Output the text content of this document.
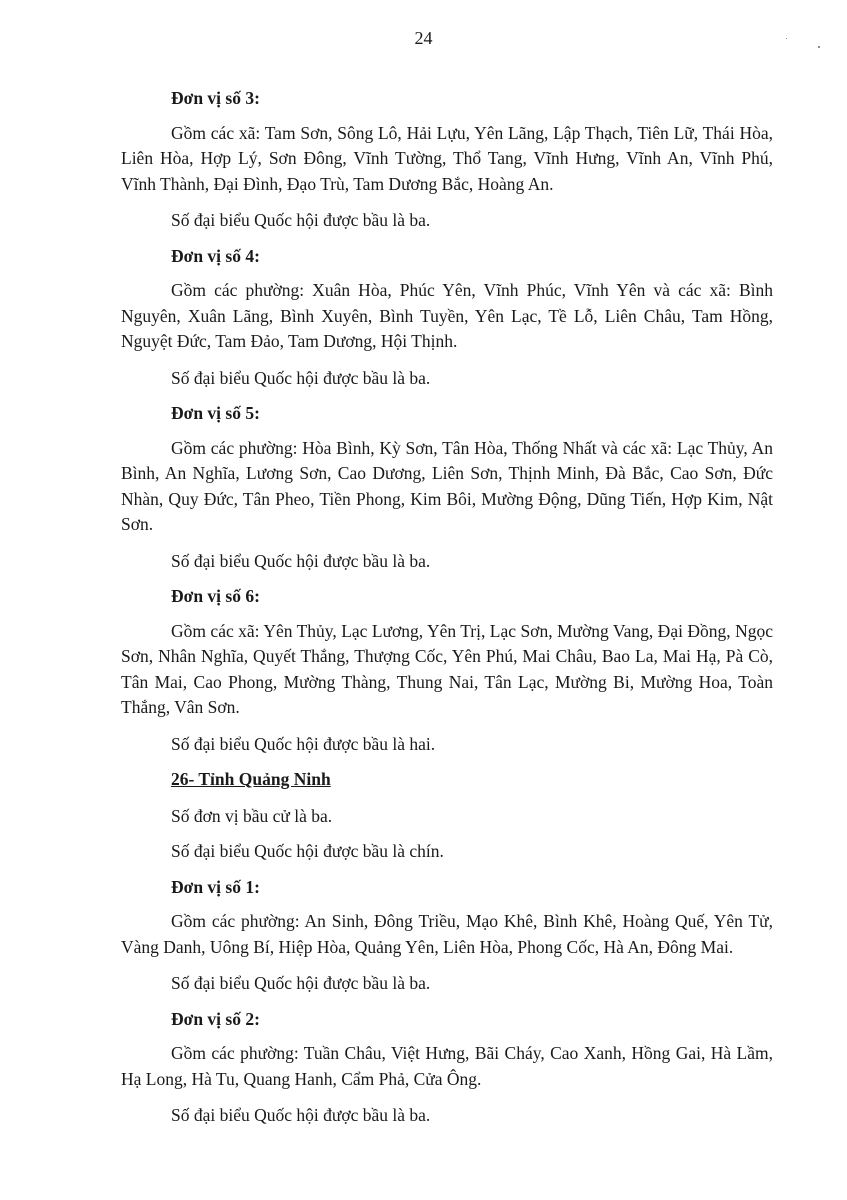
24
Đơn vị số 3:
Gồm các xã: Tam Sơn, Sông Lô, Hải Lựu, Yên Lãng, Lập Thạch, Tiên Lữ, Thái Hòa, Liên Hòa, Hợp Lý, Sơn Đông, Vĩnh Tường, Thổ Tang, Vĩnh Hưng, Vĩnh An, Vĩnh Phú, Vĩnh Thành, Đại Đình, Đạo Trù, Tam Dương Bắc, Hoàng An.
Số đại biểu Quốc hội được bầu là ba.
Đơn vị số 4:
Gồm các phường: Xuân Hòa, Phúc Yên, Vĩnh Phúc, Vĩnh Yên và các xã: Bình Nguyên, Xuân Lãng, Bình Xuyên, Bình Tuyền, Yên Lạc, Tề Lỗ, Liên Châu, Tam Hồng, Nguyệt Đức, Tam Đảo, Tam Dương, Hội Thịnh.
Số đại biểu Quốc hội được bầu là ba.
Đơn vị số 5:
Gồm các phường: Hòa Bình, Kỳ Sơn, Tân Hòa, Thống Nhất và các xã: Lạc Thủy, An Bình, An Nghĩa, Lương Sơn, Cao Dương, Liên Sơn, Thịnh Minh, Đà Bắc, Cao Sơn, Đức Nhàn, Quy Đức, Tân Pheo, Tiền Phong, Kim Bôi, Mường Động, Dũng Tiến, Hợp Kim, Nật Sơn.
Số đại biểu Quốc hội được bầu là ba.
Đơn vị số 6:
Gồm các xã: Yên Thủy, Lạc Lương, Yên Trị, Lạc Sơn, Mường Vang, Đại Đồng, Ngọc Sơn, Nhân Nghĩa, Quyết Thắng, Thượng Cốc, Yên Phú, Mai Châu, Bao La, Mai Hạ, Pà Cò, Tân Mai, Cao Phong, Mường Thàng, Thung Nai, Tân Lạc, Mường Bi, Mường Hoa, Toàn Thắng, Vân Sơn.
Số đại biểu Quốc hội được bầu là hai.
26- Tỉnh Quảng Ninh
Số đơn vị bầu cử là ba.
Số đại biểu Quốc hội được bầu là chín.
Đơn vị số 1:
Gồm các phường: An Sinh, Đông Triều, Mạo Khê, Bình Khê, Hoàng Quế, Yên Tử, Vàng Danh, Uông Bí, Hiệp Hòa, Quảng Yên, Liên Hòa, Phong Cốc, Hà An, Đông Mai.
Số đại biểu Quốc hội được bầu là ba.
Đơn vị số 2:
Gồm các phường: Tuần Châu, Việt Hưng, Bãi Cháy, Cao Xanh, Hồng Gai, Hà Lầm, Hạ Long, Hà Tu, Quang Hanh, Cẩm Phả, Cửa Ông.
Số đại biểu Quốc hội được bầu là ba.
